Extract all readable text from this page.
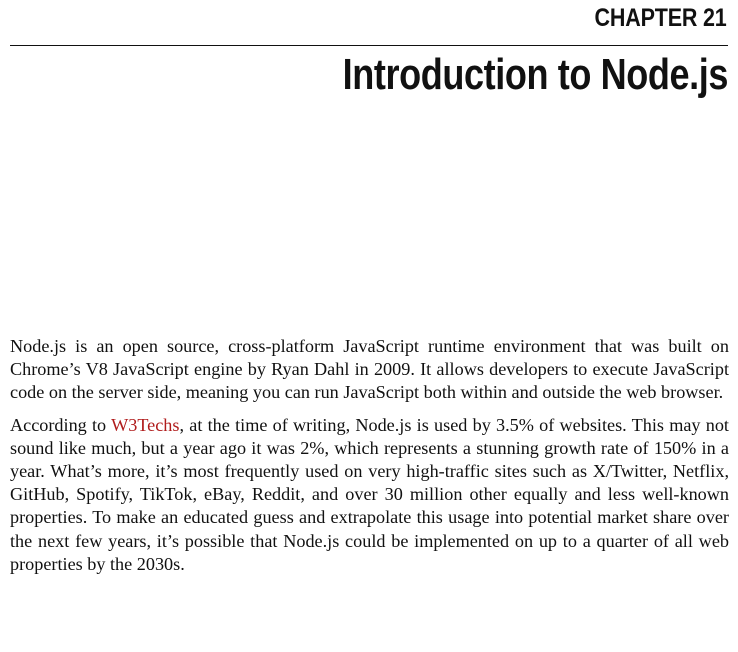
CHAPTER 21
Introduction to Node.js

Node.js is an open source, cross-platform JavaScript runtime environment that was built on Chrome’s V8 JavaScript engine by Ryan Dahl in 2009. It allows developers to execute JavaScript code on the server side, meaning you can run JavaScript both within and outside the web browser.

According to W3Techs, at the time of writing, Node.js is used by 3.5% of websites. This may not sound like much, but a year ago it was 2%, which represents a stunning growth rate of 150% in a year. What’s more, it’s most frequently used on very high-traffic sites such as X/Twitter, Netflix, GitHub, Spotify, TikTok, eBay, Reddit, and over 30 million other equally and less well-known properties. To make an educated guess and extrapolate this usage into potential market share over the next few years, it’s possible that Node.js could be implemented on up to a quarter of all web properties by the 2030s.
